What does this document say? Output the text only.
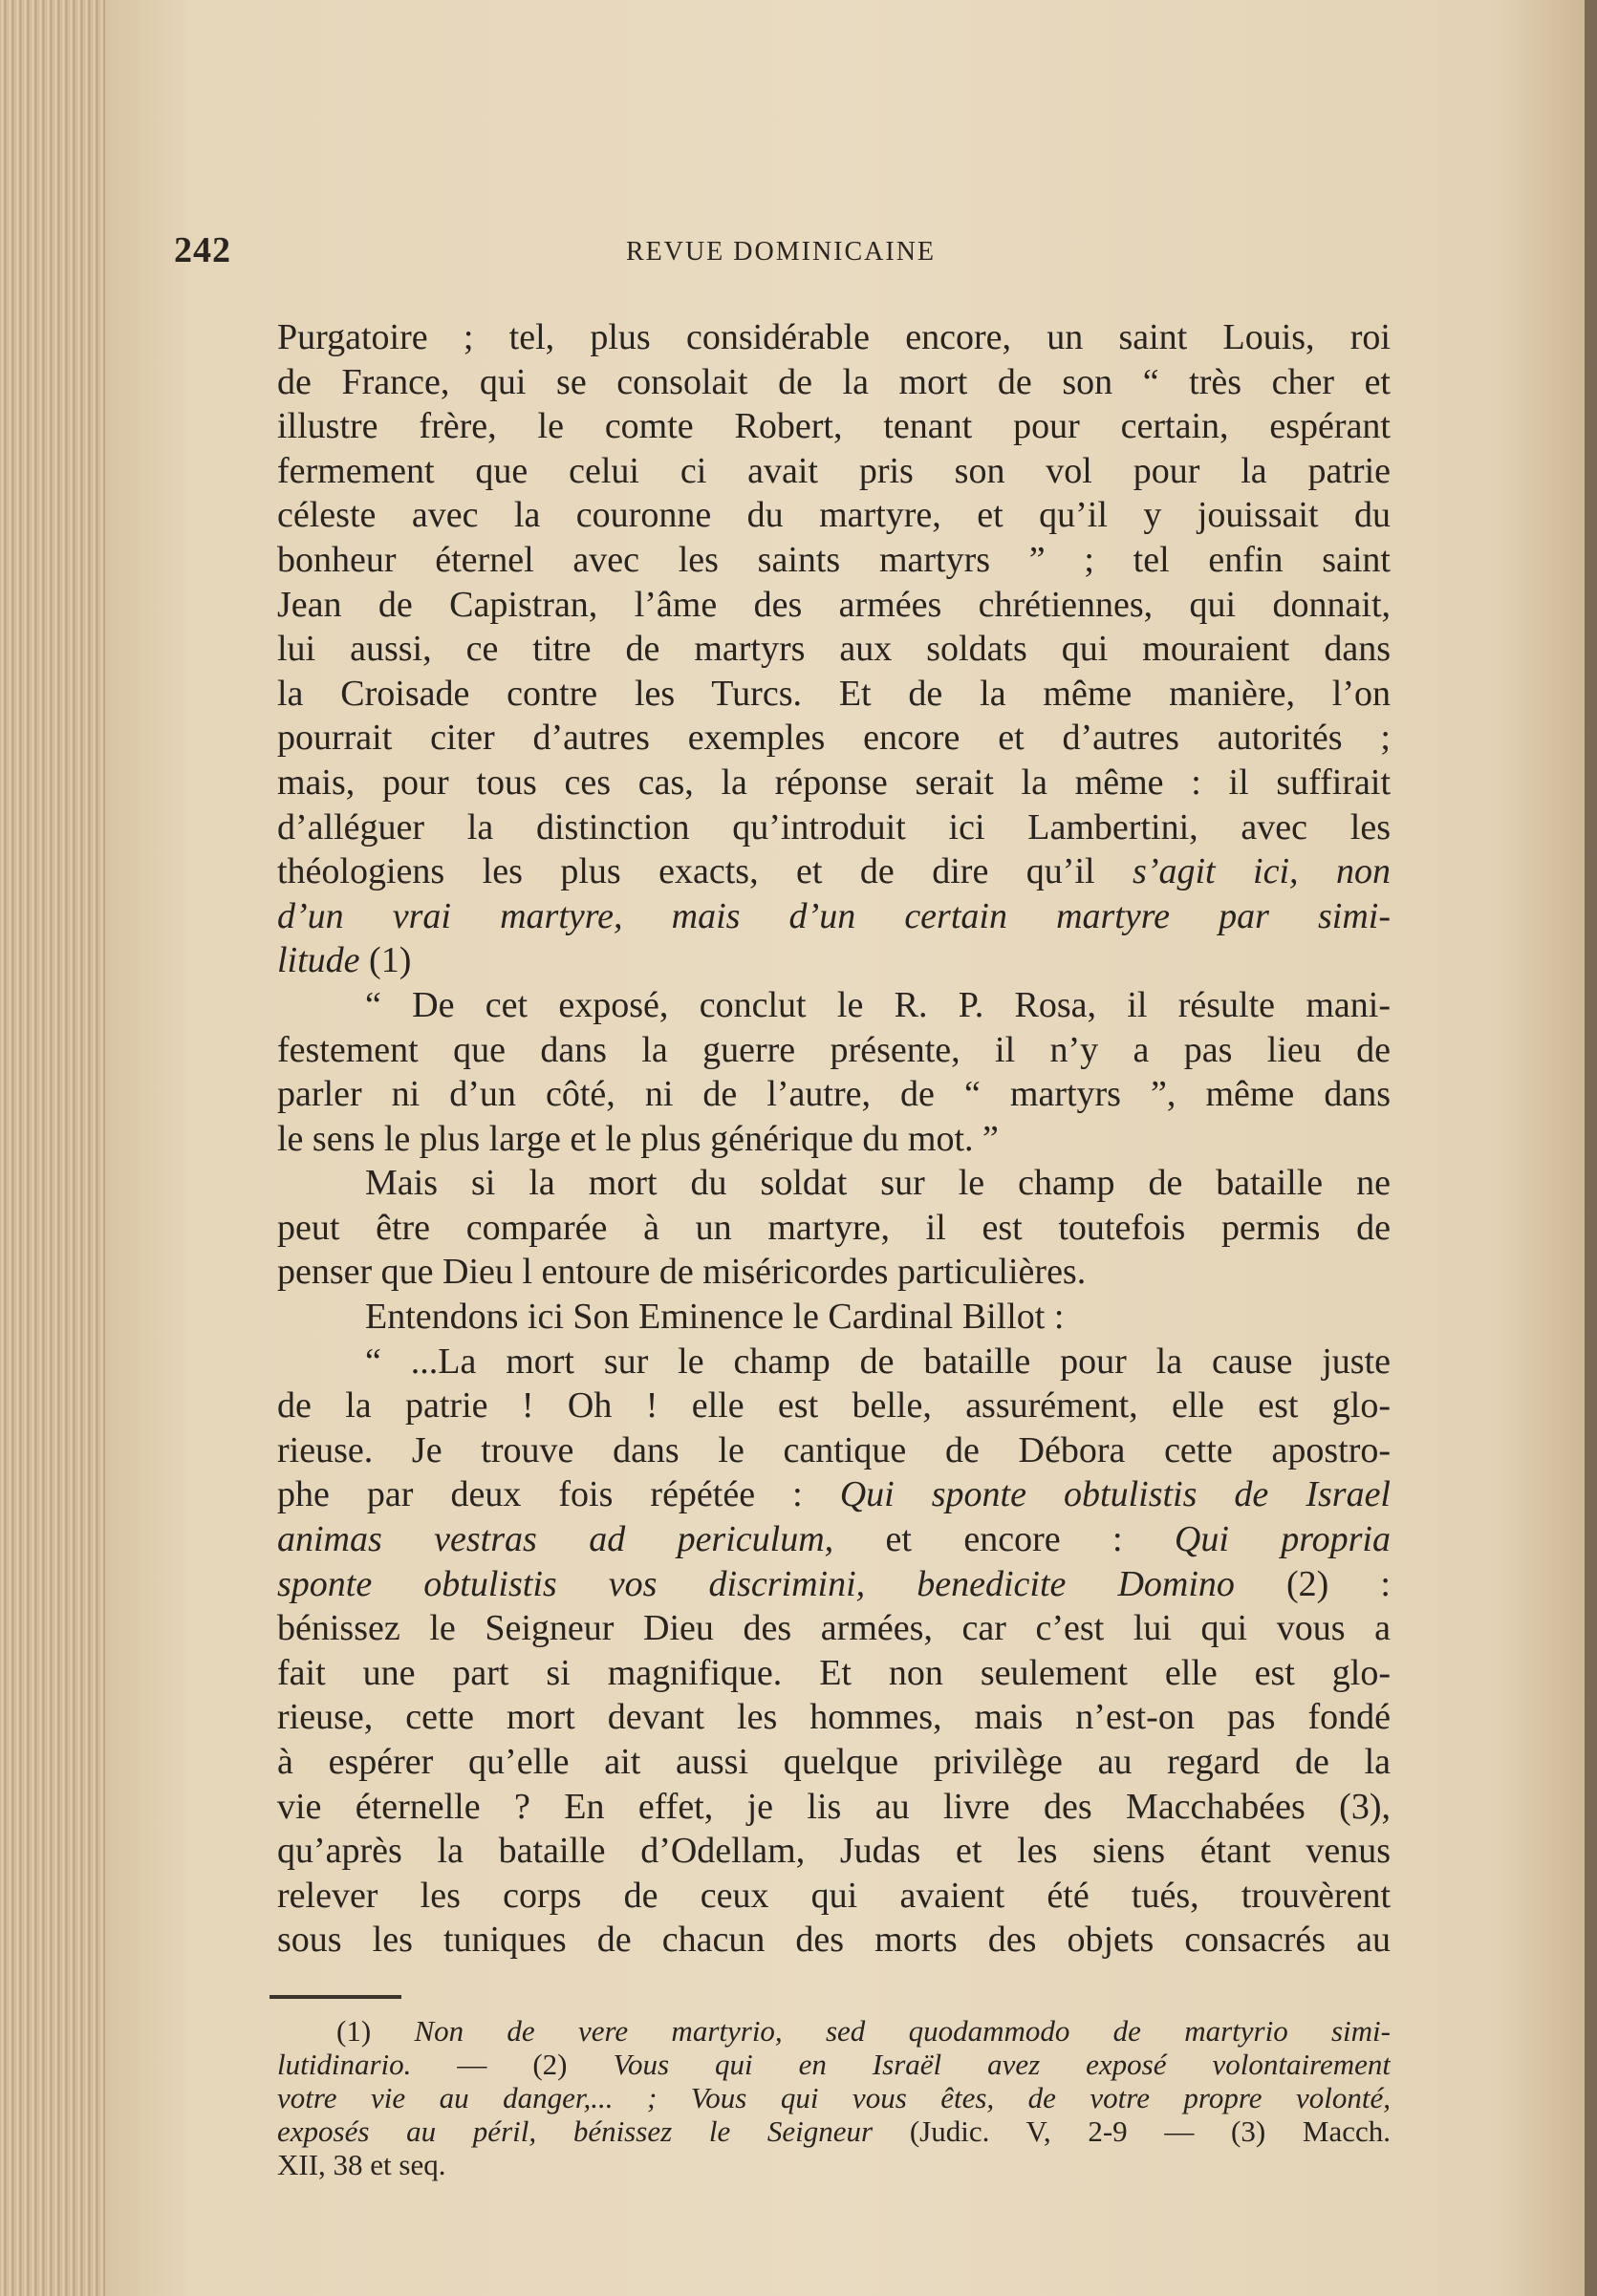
242	REVUE DOMINICAINE
Purgatoire ; tel, plus considérable encore, un saint Louis, roi
de France, qui se consolait de la mort de son “ très cher et
illustre frère, le comte Robert, tenant pour certain, espérant
fermement que celui ci avait pris son vol pour la patrie
céleste avec la couronne du martyre, et qu’il y jouissait du
bonheur éternel avec les saints martyrs ” ; tel enfin saint
Jean de Capistran, l’âme des armées chrétiennes, qui donnait,
lui aussi, ce titre de martyrs aux soldats qui mouraient dans
la Croisade contre les Turcs. Et de la même manière, l’on
pourrait citer d’autres exemples encore et d’autres autorités ;
mais, pour tous ces cas, la réponse serait la même : il suffirait
d’alléguer la distinction qu’introduit ici Lambertini, avec les
théologiens les plus exacts, et de dire qu’il s’agit ici, non
d’un vrai martyre, mais d’un certain martyre par simi-
litude (1)
“ De cet exposé, conclut le R. P. Rosa, il résulte mani-
festement que dans la guerre présente, il n’y a pas lieu de
parler ni d’un côté, ni de l’autre, de “ martyrs ”, même dans
le sens le plus large et le plus générique du mot. ”
Mais si la mort du soldat sur le champ de bataille ne
peut être comparée à un martyre, il est toutefois permis de
penser que Dieu l entoure de miséricordes particulières.
Entendons ici Son Eminence le Cardinal Billot :
“ ...La mort sur le champ de bataille pour la cause juste
de la patrie ! Oh ! elle est belle, assurément, elle est glo-
rieuse. Je trouve dans le cantique de Débora cette apostro-
phe par deux fois répétée : Qui sponte obtulistis de Israel
animas vestras ad periculum, et encore : Qui propria
sponte obtulistis vos discrimini, benedicite Domino (2) :
bénissez le Seigneur Dieu des armées, car c’est lui qui vous a
fait une part si magnifique. Et non seulement elle est glo-
rieuse, cette mort devant les hommes, mais n’est-on pas fondé
à espérer qu’elle ait aussi quelque privilège au regard de la
vie éternelle ? En effet, je lis au livre des Macchabées (3),
qu’après la bataille d’Odellam, Judas et les siens étant venus
relever les corps de ceux qui avaient été tués, trouvèrent
sous les tuniques de chacun des morts des objets consacrés au
(1) Non de vere martyrio, sed quodammodo de martyrio simi-
lutidinario. — (2) Vous qui en Israël avez exposé volontairement
votre vie au danger,... ; Vous qui vous êtes, de votre propre volonté,
exposés au péril, bénissez le Seigneur (Judic. V, 2-9 — (3) Macch.
XII, 38 et seq.
